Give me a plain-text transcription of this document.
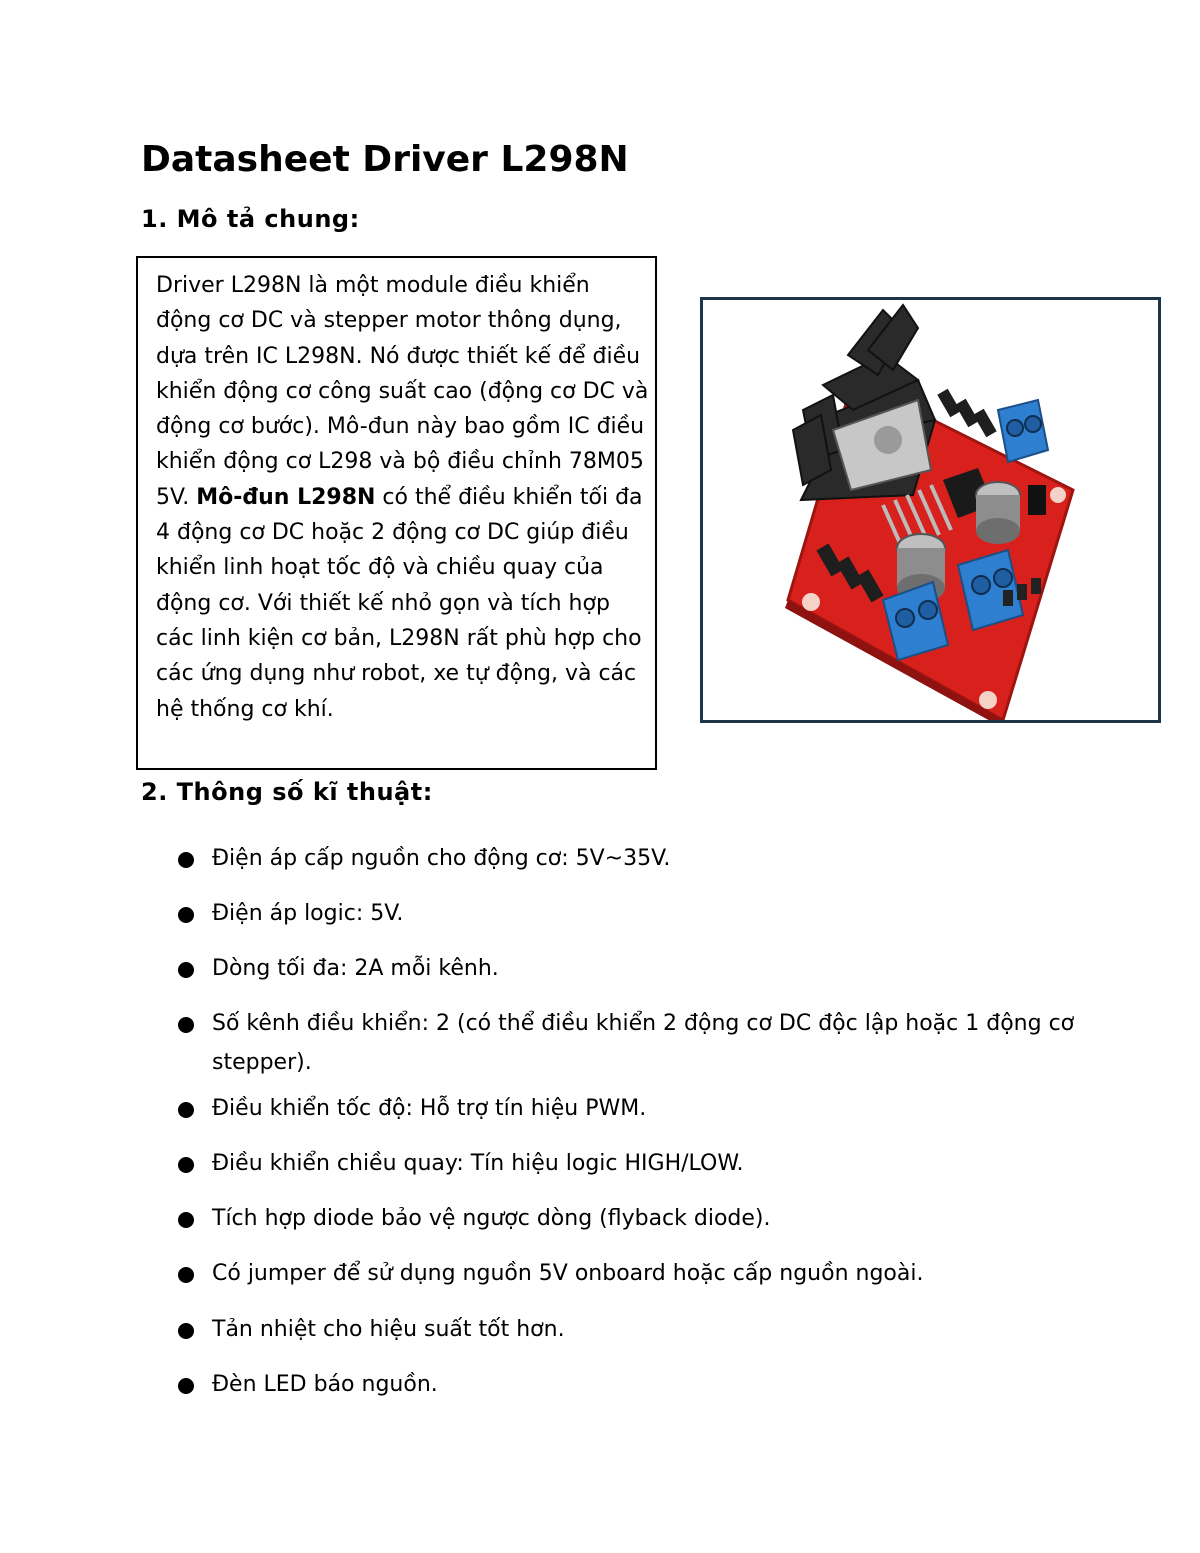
Datasheet Driver L298N
1. Mô tả chung:
Driver L298N là một module điều khiển động cơ DC và stepper motor thông dụng, dựa trên IC L298N. Nó được thiết kế để điều khiển động cơ công suất cao (động cơ DC và động cơ bước). Mô-đun này bao gồm IC điều khiển động cơ L298 và bộ điều chỉnh 78M05 5V. Mô-đun L298N có thể điều khiển tối đa 4 động cơ DC hoặc 2 động cơ DC giúp điều khiển linh hoạt tốc độ và chiều quay của động cơ. Với thiết kế nhỏ gọn và tích hợp các linh kiện cơ bản, L298N rất phù hợp cho các ứng dụng như robot, xe tự động, và các hệ thống cơ khí.
2. Thông số kĩ thuật:
Điện áp cấp nguồn cho động cơ: 5V~35V.
Điện áp logic: 5V.
Dòng tối đa: 2A mỗi kênh.
Số kênh điều khiển: 2 (có thể điều khiển 2 động cơ DC độc lập hoặc 1 động cơ stepper).
Điều khiển tốc độ: Hỗ trợ tín hiệu PWM.
Điều khiển chiều quay: Tín hiệu logic HIGH/LOW.
Tích hợp diode bảo vệ ngược dòng (flyback diode).
Có jumper để sử dụng nguồn 5V onboard hoặc cấp nguồn ngoài.
Tản nhiệt cho hiệu suất tốt hơn.
Đèn LED báo nguồn.
